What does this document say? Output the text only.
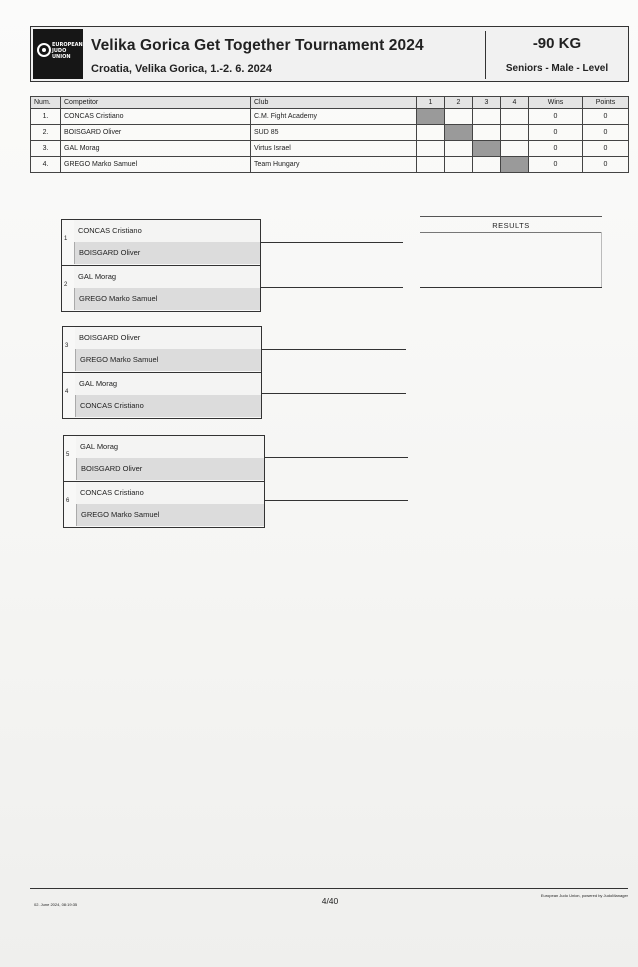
EUROPEAN JUDO UNION
Velika Gorica Get Together Tournament 2024
Croatia, Velika Gorica, 1.-2. 6. 2024
-90 KG
Seniors - Male - Level
Num.	Competitor	Club	1	2	3	4	Wins	Points
1.	CONCAS Cristiano	C.M. Fight Academy					0	0
2.	BOISGARD Oliver	SUD 85					0	0
3.	GAL Morag	Virtus Israel					0	0
4.	GREGO Marko Samuel	Team Hungary					0	0
1
CONCAS Cristiano
BOISGARD Oliver
2
GAL Morag
GREGO Marko Samuel
3
BOISGARD Oliver
GREGO Marko Samuel
4
GAL Morag
CONCAS Cristiano
5
GAL Morag
BOISGARD Oliver
6
CONCAS Cristiano
GREGO Marko Samuel
RESULTS
02. June 2024, 08:19:35	4/40
European Judo Union, powered by JudoManager
